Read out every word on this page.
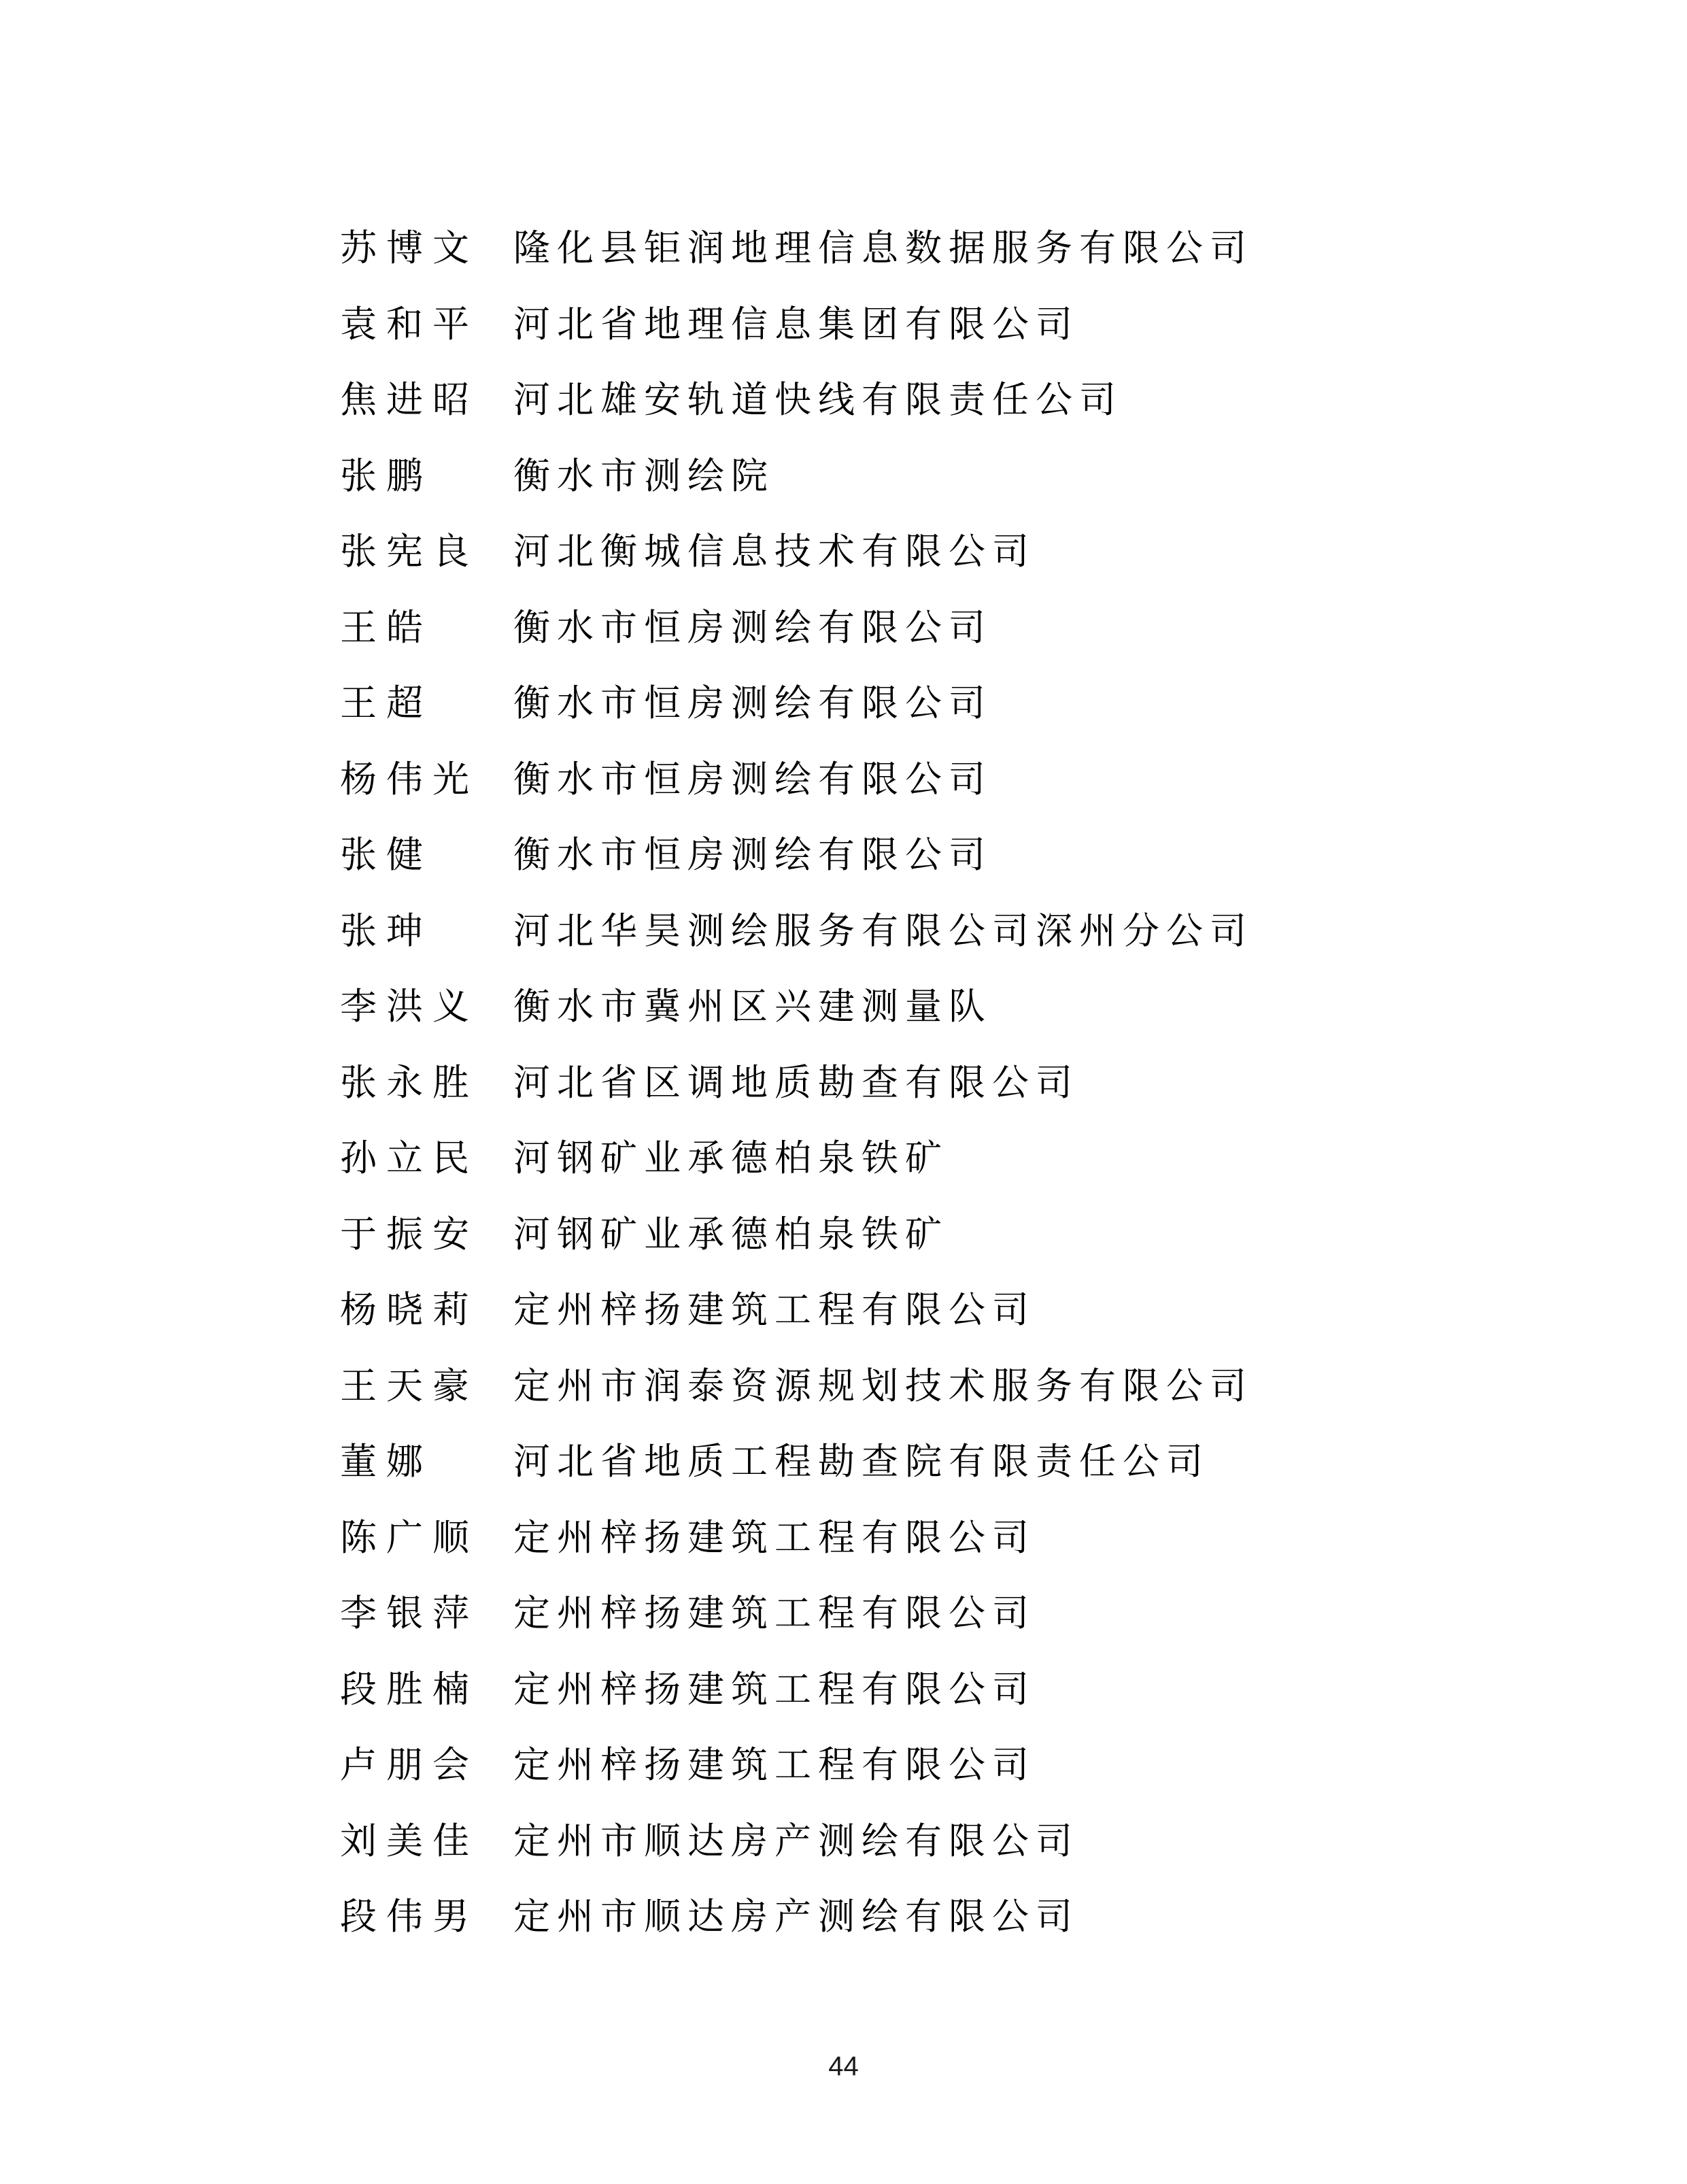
苏博文 隆化县钜润地理信息数据服务有限公司
袁和平 河北省地理信息集团有限公司
焦进昭 河北雄安轨道快线有限责任公司
张鹏	衡水市测绘院
张宪良 河北衡城信息技术有限公司
王皓	衡水市恒房测绘有限公司
王超	衡水市恒房测绘有限公司
杨伟光 衡水市恒房测绘有限公司
张健	衡水市恒房测绘有限公司
张珅	河北华昊测绘服务有限公司深州分公司
李洪义 衡水市冀州区兴建测量队
张永胜 河北省区调地质勘查有限公司
孙立民 河钢矿业承德柏泉铁矿
于振安 河钢矿业承德柏泉铁矿
杨晓莉 定州梓扬建筑工程有限公司
王天豪 定州市润泰资源规划技术服务有限公司
董娜	河北省地质工程勘查院有限责任公司
陈广顺 定州梓扬建筑工程有限公司
李银萍 定州梓扬建筑工程有限公司
段胜楠 定州梓扬建筑工程有限公司
卢朋会 定州梓扬建筑工程有限公司
刘美佳 定州市顺达房产测绘有限公司
段伟男 定州市顺达房产测绘有限公司
44
